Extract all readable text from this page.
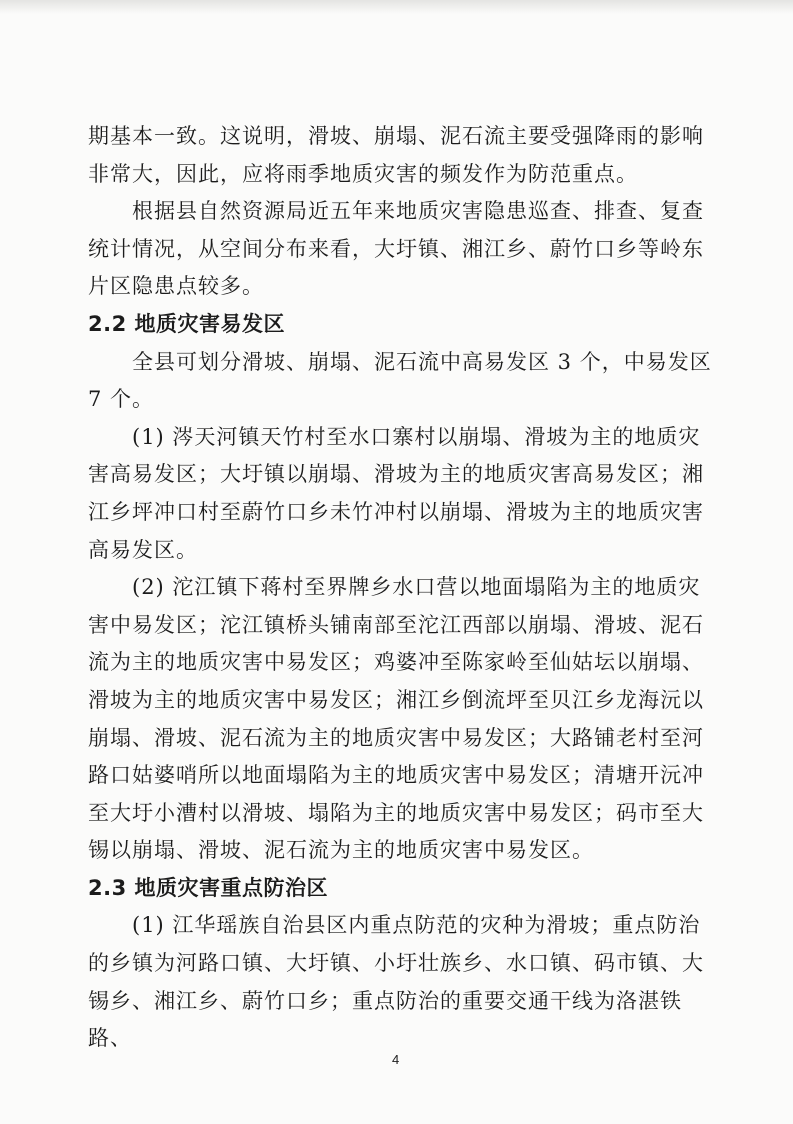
期基本一致。这说明，滑坡、崩塌、泥石流主要受强降雨的影响
非常大，因此，应将雨季地质灾害的频发作为防范重点。
根据县自然资源局近五年来地质灾害隐患巡查、排查、复查
统计情况，从空间分布来看，大圩镇、湘江乡、蔚竹口乡等岭东
片区隐患点较多。
2.2 地质灾害易发区
全县可划分滑坡、崩塌、泥石流中高易发区 3 个，中易发区
7 个。
(1) 涔天河镇天竹村至水口寨村以崩塌、滑坡为主的地质灾
害高易发区；大圩镇以崩塌、滑坡为主的地质灾害高易发区；湘
江乡坪冲口村至蔚竹口乡未竹冲村以崩塌、滑坡为主的地质灾害
高易发区。
(2) 沱江镇下蒋村至界牌乡水口营以地面塌陷为主的地质灾
害中易发区；沱江镇桥头铺南部至沱江西部以崩塌、滑坡、泥石
流为主的地质灾害中易发区；鸡婆冲至陈家岭至仙姑坛以崩塌、
滑坡为主的地质灾害中易发区；湘江乡倒流坪至贝江乡龙海沅以
崩塌、滑坡、泥石流为主的地质灾害中易发区；大路铺老村至河
路口姑婆哨所以地面塌陷为主的地质灾害中易发区；清塘开沅冲
至大圩小漕村以滑坡、塌陷为主的地质灾害中易发区；码市至大
锡以崩塌、滑坡、泥石流为主的地质灾害中易发区。
2.3 地质灾害重点防治区
(1) 江华瑶族自治县区内重点防范的灾种为滑坡；重点防治
的乡镇为河路口镇、大圩镇、小圩壮族乡、水口镇、码市镇、大
锡乡、湘江乡、蔚竹口乡；重点防治的重要交通干线为洛湛铁路、
4
